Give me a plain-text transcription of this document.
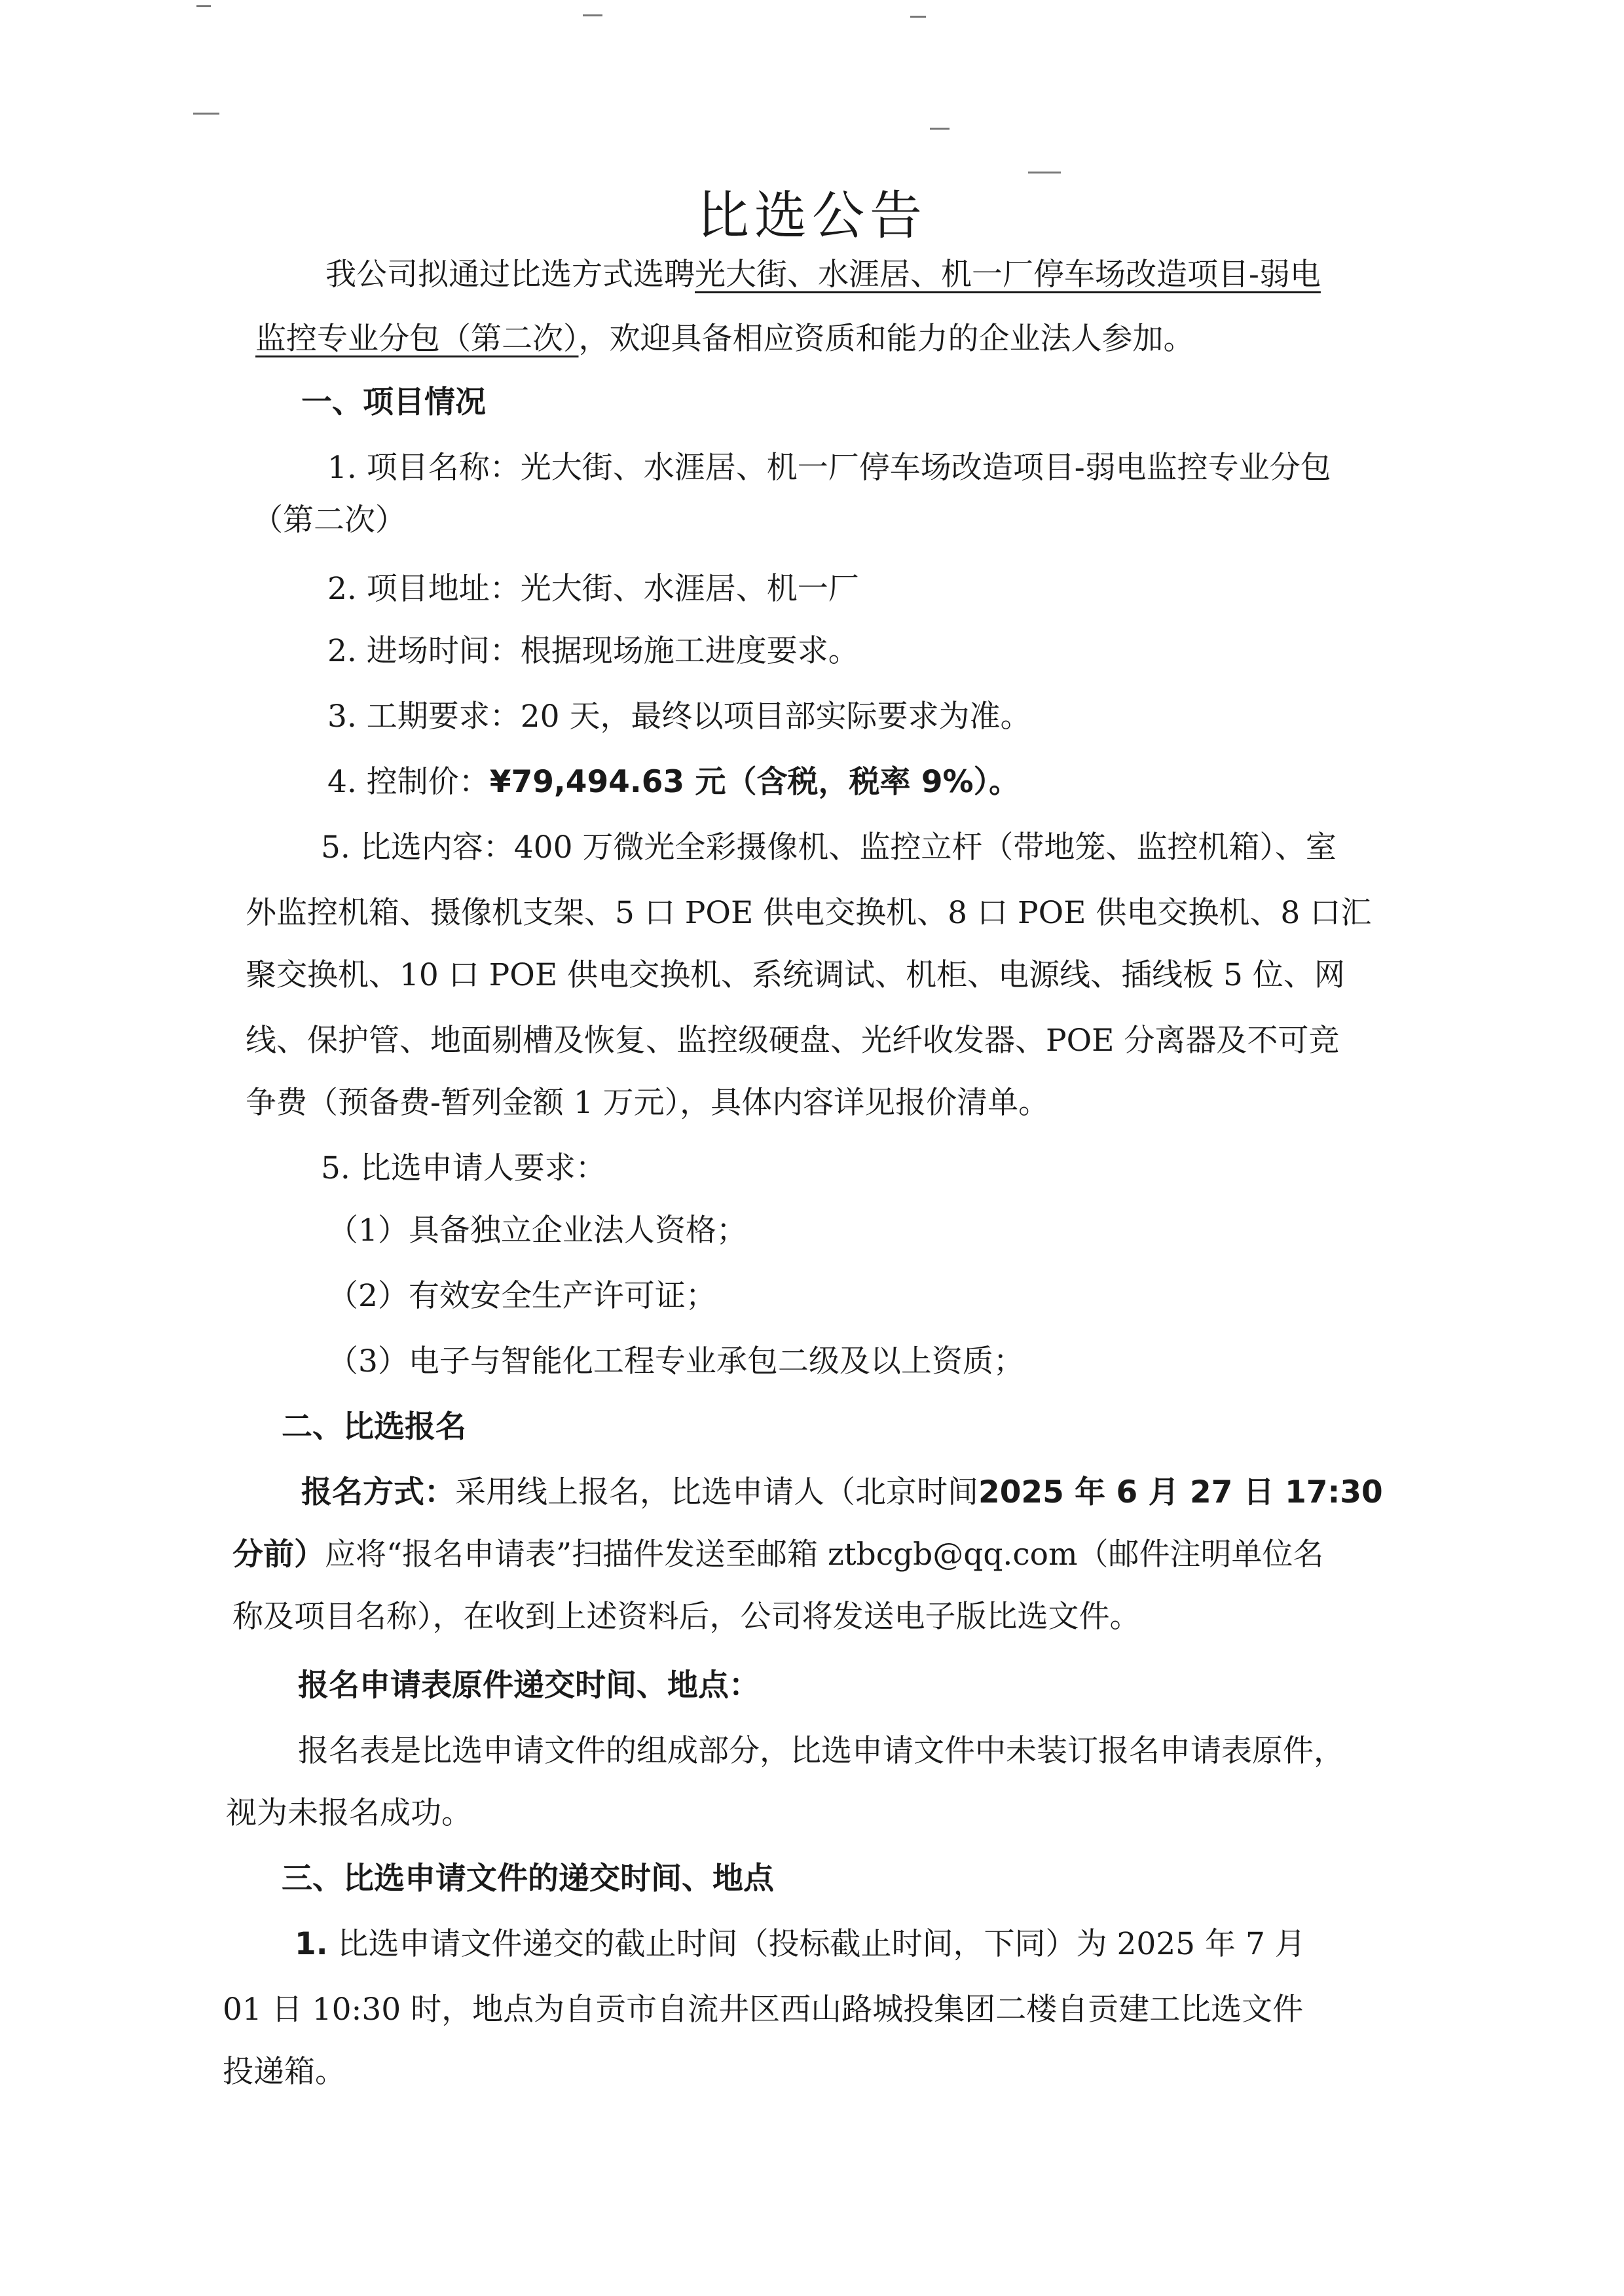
比选公告
我公司拟通过比选方式选聘光大街、水涯居、机一厂停车场改造项目-弱电
监控专业分包（第二次），欢迎具备相应资质和能力的企业法人参加。
一、项目情况
1. 项目名称：光大街、水涯居、机一厂停车场改造项目-弱电监控专业分包
（第二次）
2. 项目地址：光大街、水涯居、机一厂
2. 进场时间：根据现场施工进度要求。
3. 工期要求：20 天，最终以项目部实际要求为准。
4. 控制价：¥79,494.63 元（含税，税率 9%）。
5. 比选内容：400 万微光全彩摄像机、监控立杆（带地笼、监控机箱）、室
外监控机箱、摄像机支架、5 口 POE 供电交换机、8 口 POE 供电交换机、8 口汇
聚交换机、10 口 POE 供电交换机、系统调试、机柜、电源线、插线板 5 位、网
线、保护管、地面剔槽及恢复、监控级硬盘、光纤收发器、POE 分离器及不可竞
争费（预备费-暂列金额 1 万元），具体内容详见报价清单。
5. 比选申请人要求：
（1）具备独立企业法人资格；
（2）有效安全生产许可证；
（3）电子与智能化工程专业承包二级及以上资质；
二、比选报名
报名方式：采用线上报名，比选申请人（北京时间2025 年 6 月 27 日 17:30
分前）应将“报名申请表”扫描件发送至邮箱 ztbcgb@qq.com（邮件注明单位名
称及项目名称），在收到上述资料后，公司将发送电子版比选文件。
报名申请表原件递交时间、地点：
报名表是比选申请文件的组成部分，比选申请文件中未装订报名申请表原件，
视为未报名成功。
三、比选申请文件的递交时间、地点
1. 比选申请文件递交的截止时间（投标截止时间，下同）为 2025 年 7 月
01 日 10:30 时，地点为自贡市自流井区西山路城投集团二楼自贡建工比选文件
投递箱。
